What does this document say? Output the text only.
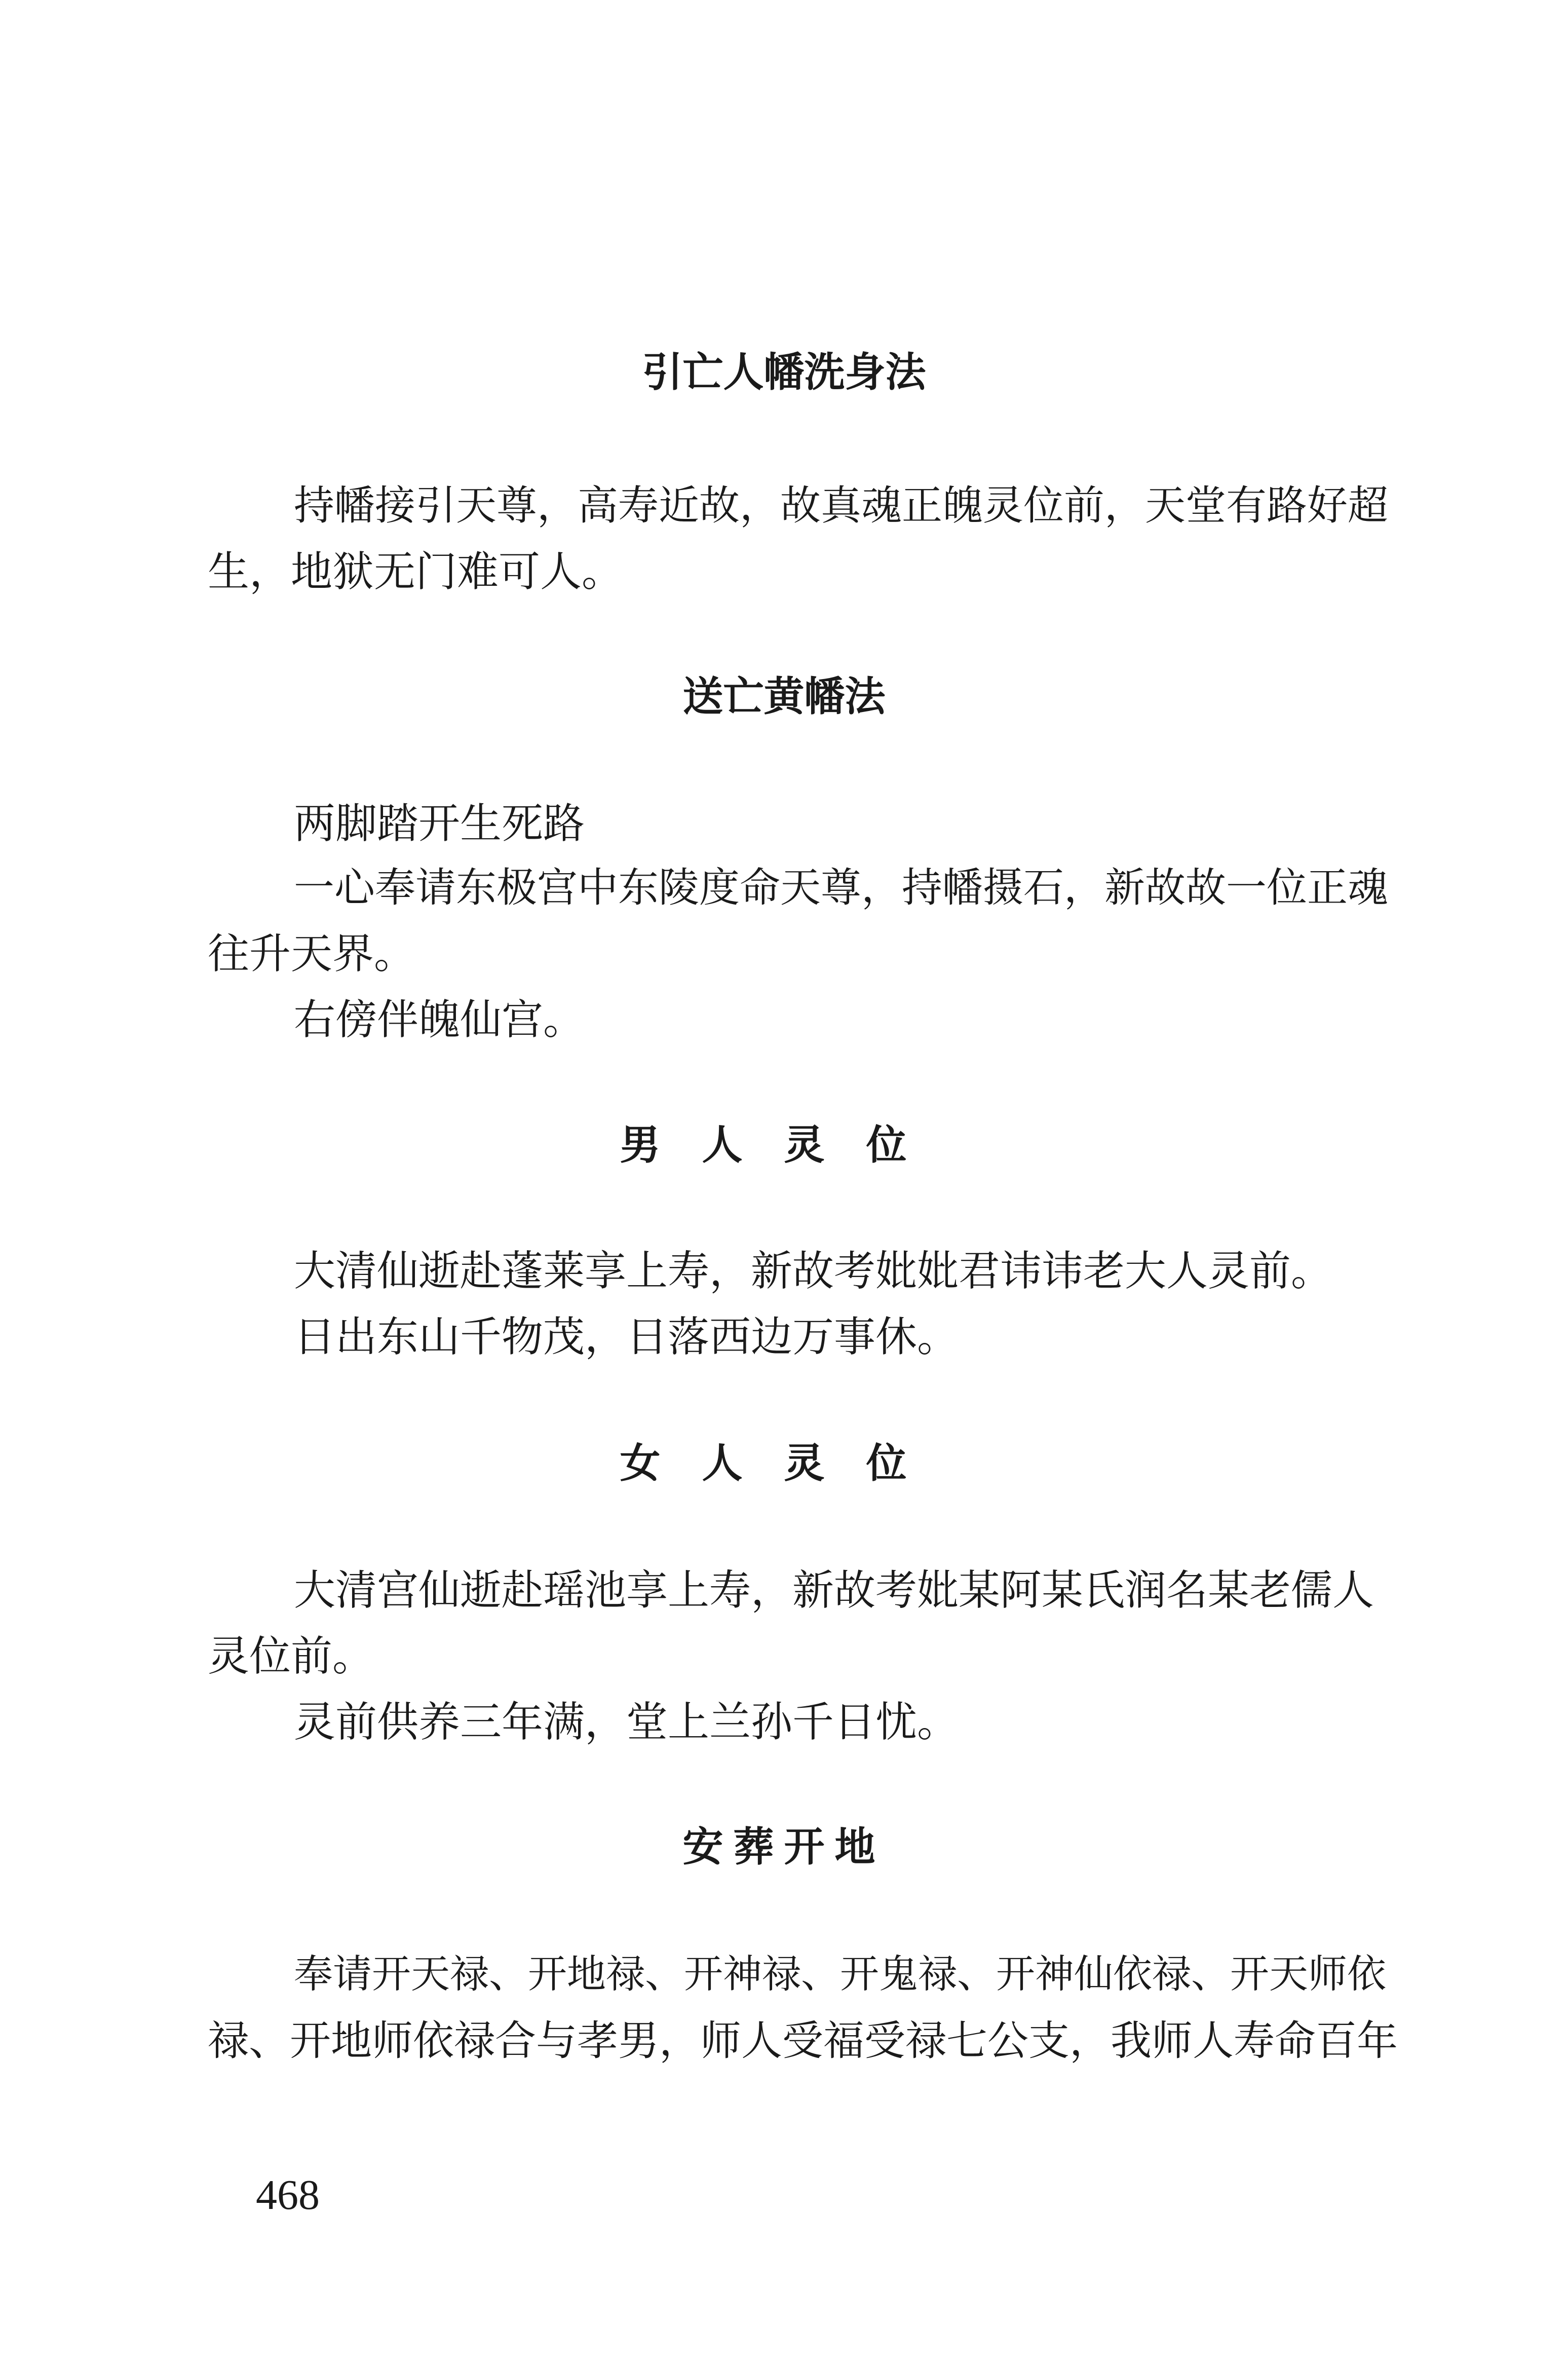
引亡人幡洗身法
持幡接引天尊，高寿近故，故真魂正魄灵位前，天堂有路好超
生，地狱无门难可人。
送亡黄幡法
两脚踏开生死路
一心奉请东极宫中东陵度命天尊，持幡摄石，新故故一位正魂
往升天界。
右傍伴魄仙宫。
男人灵位
大清仙逝赴蓬莱享上寿，新故考妣妣君讳讳老大人灵前。
日出东山千物茂，日落西边万事休。
女人灵位
大清宫仙逝赴瑶池享上寿，新故考妣某阿某氏润名某老儒人
灵位前。
灵前供养三年满，堂上兰孙千日忧。
安葬开地
奉请开天禄、开地禄、开神禄、开鬼禄、开神仙依禄、开天师依
禄、开地师依禄合与孝男，师人受福受禄七公支，我师人寿命百年
468
